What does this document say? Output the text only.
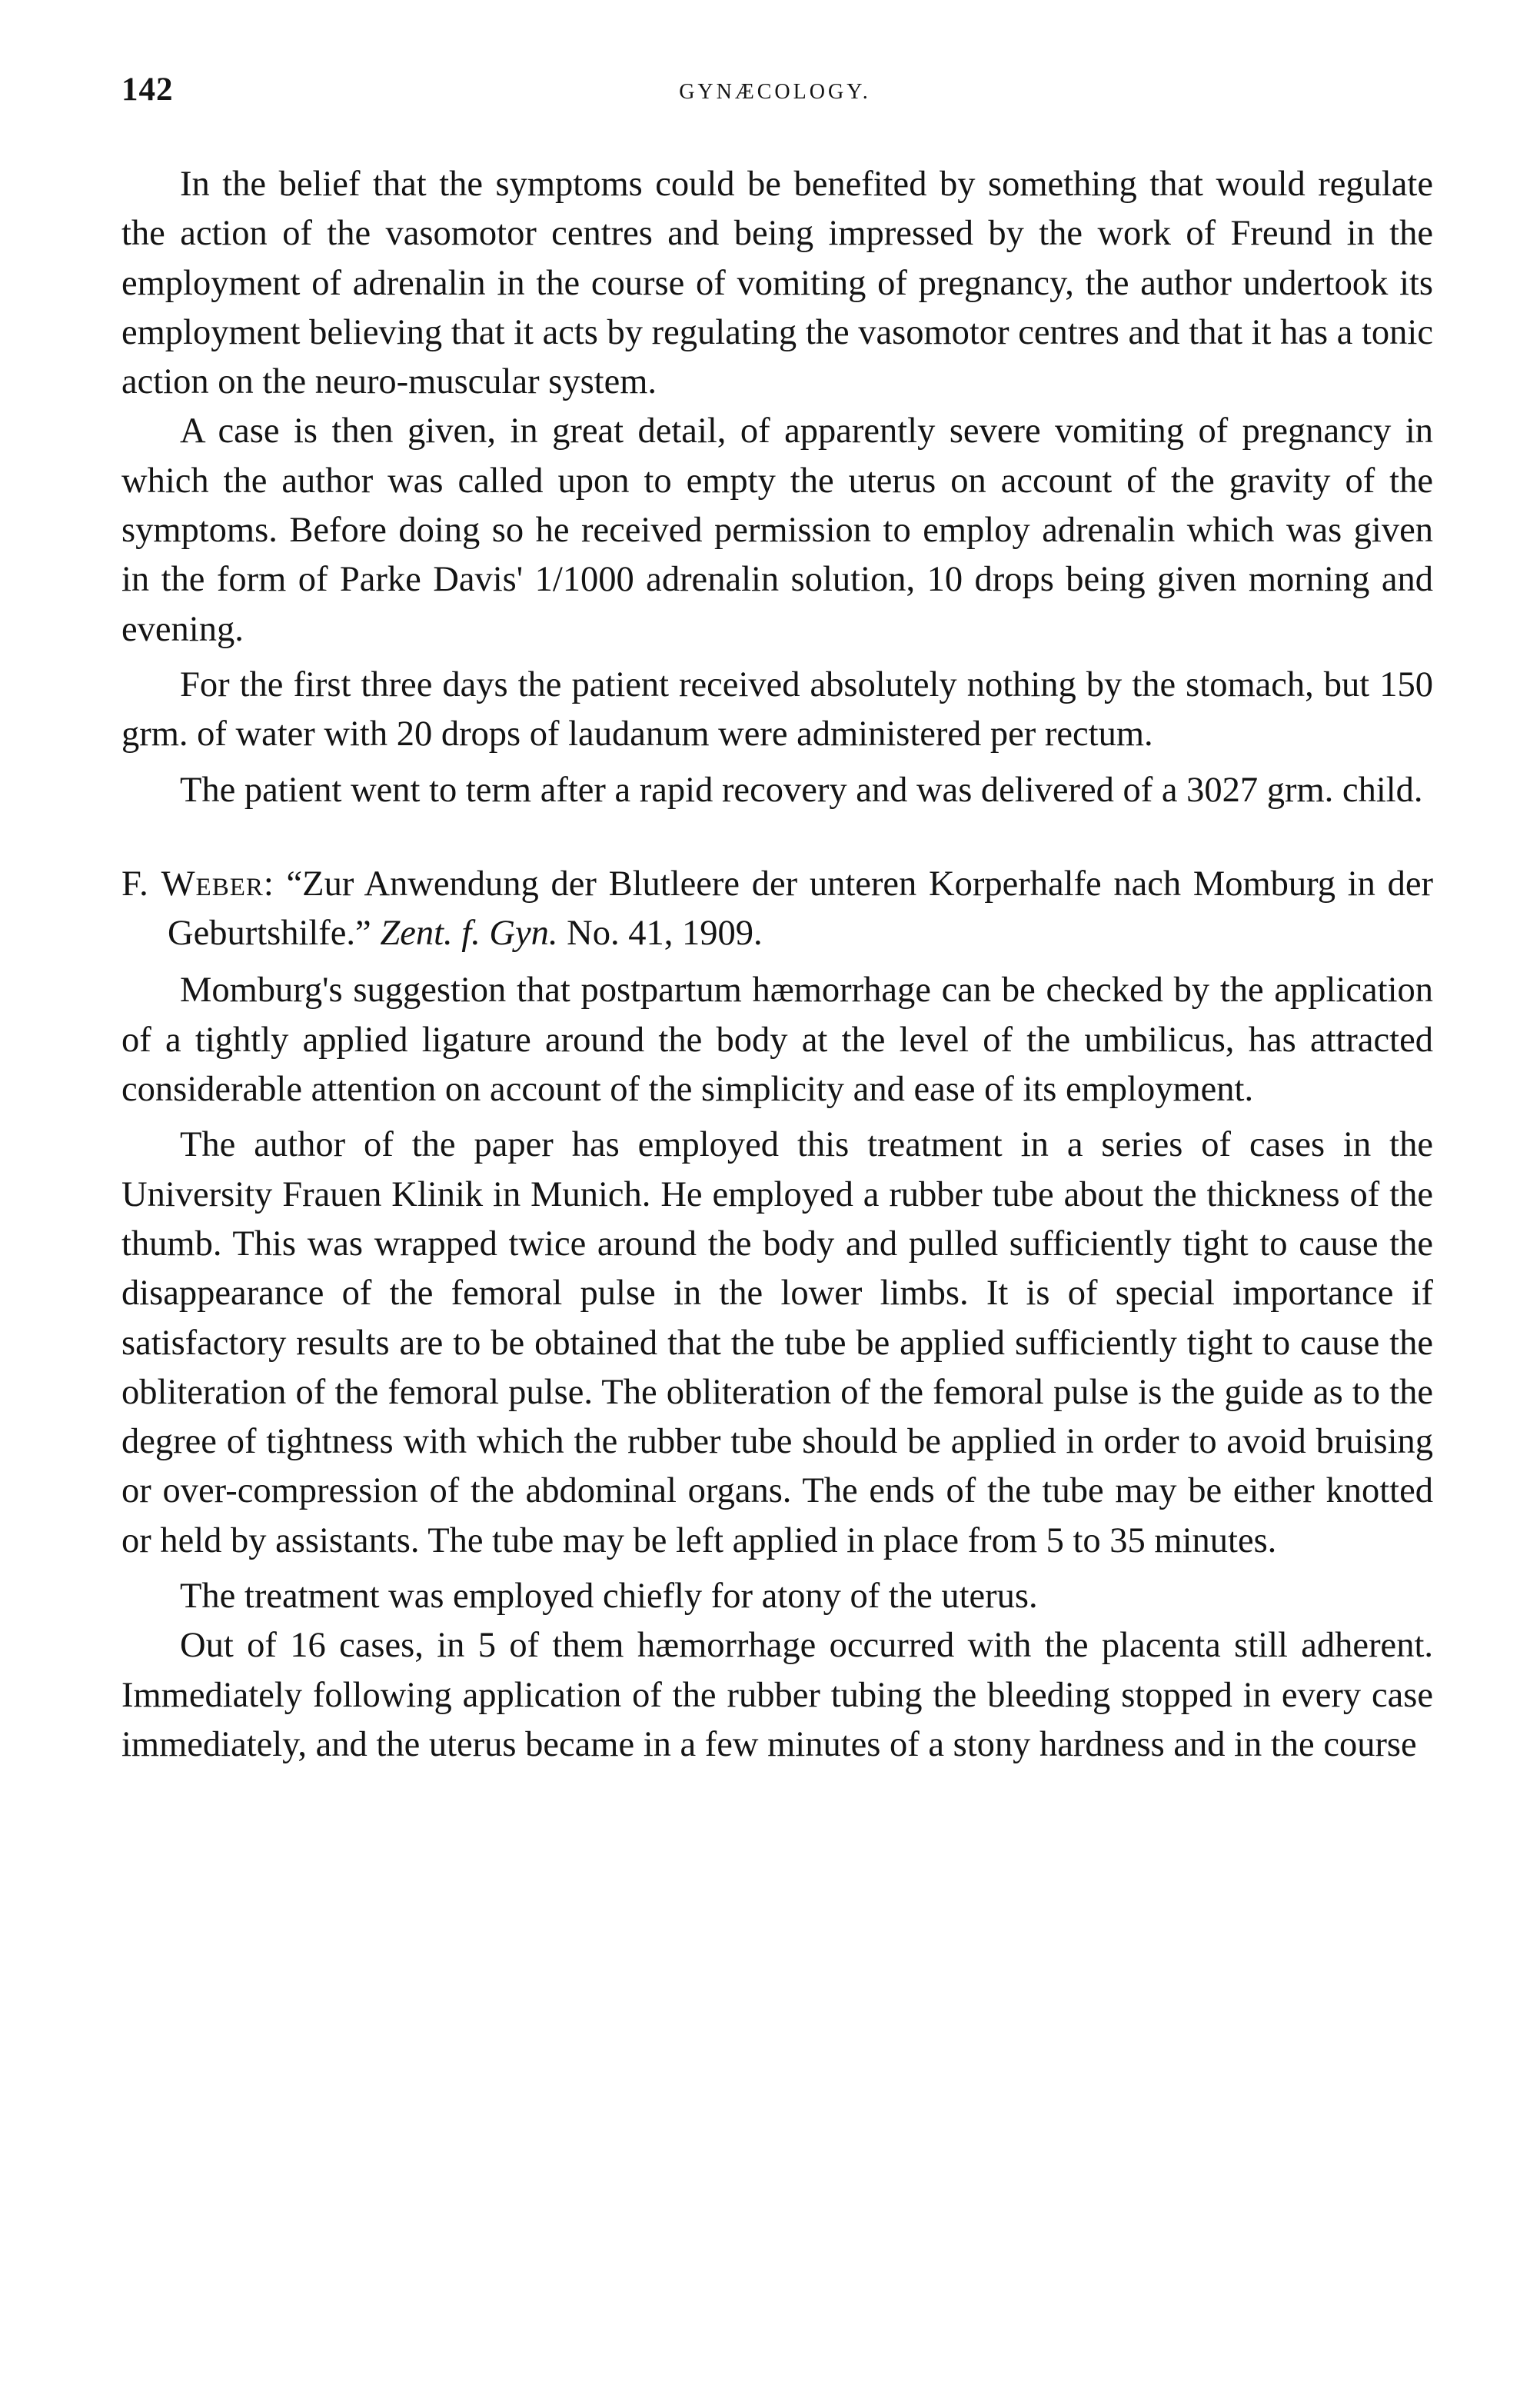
142	GYNÆCOLOGY.

In the belief that the symptoms could be benefited by something that would regulate the action of the vasomotor centres and being impressed by the work of Freund in the employment of adrenalin in the course of vomiting of pregnancy, the author undertook its employment believing that it acts by regulating the vasomotor centres and that it has a tonic action on the neuro-muscular system.

A case is then given, in great detail, of apparently severe vomiting of pregnancy in which the author was called upon to empty the uterus on account of the gravity of the symptoms. Before doing so he received permission to employ adrenalin which was given in the form of Parke Davis' 1/1000 adrenalin solution, 10 drops being given morning and evening.

For the first three days the patient received absolutely nothing by the stomach, but 150 grm. of water with 20 drops of laudanum were administered per rectum.

The patient went to term after a rapid recovery and was delivered of a 3027 grm. child.

F. Weber: “Zur Anwendung der Blutleere der unteren Korperhalfe nach Momburg in der Geburtshilfe.” Zent. f. Gyn. No. 41, 1909.

Momburg's suggestion that postpartum hæmorrhage can be checked by the application of a tightly applied ligature around the body at the level of the umbilicus, has attracted considerable attention on account of the simplicity and ease of its employment.

The author of the paper has employed this treatment in a series of cases in the University Frauen Klinik in Munich. He employed a rubber tube about the thickness of the thumb. This was wrapped twice around the body and pulled sufficiently tight to cause the disappearance of the femoral pulse in the lower limbs. It is of special importance if satisfactory results are to be obtained that the tube be applied sufficiently tight to cause the obliteration of the femoral pulse. The obliteration of the femoral pulse is the guide as to the degree of tightness with which the rubber tube should be applied in order to avoid bruising or over-compression of the abdominal organs. The ends of the tube may be either knotted or held by assistants. The tube may be left applied in place from 5 to 35 minutes.

The treatment was employed chiefly for atony of the uterus.

Out of 16 cases, in 5 of them hæmorrhage occurred with the placenta still adherent. Immediately following application of the rubber tubing the bleeding stopped in every case immediately, and the uterus became in a few minutes of a stony hardness and in the course
